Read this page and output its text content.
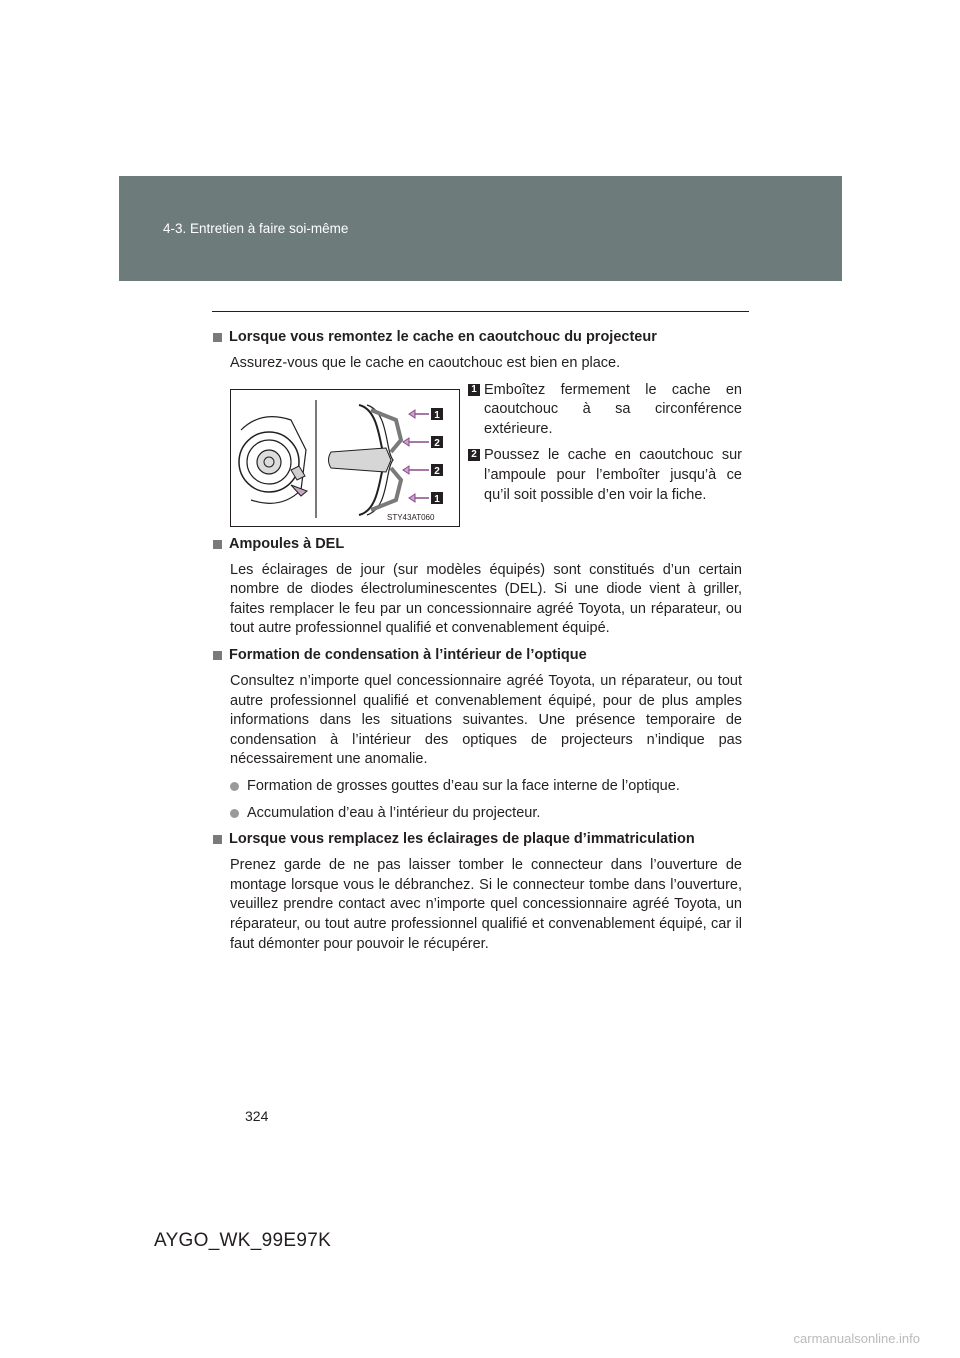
4-3. Entretien à faire soi-même
Lorsque vous remontez le cache en caoutchouc du projecteur
Assurez-vous que le cache en caoutchouc est bien en place.
1
2
2
1
STY43AT060
1 Emboîtez fermement le cache en caoutchouc à sa circonférence extérieure.
2 Poussez le cache en caoutchouc sur l’ampoule pour l’emboîter jusqu’à ce qu’il soit possible d’en voir la fiche.
Ampoules à DEL
Les éclairages de jour (sur modèles équipés) sont constitués d’un certain nombre de diodes électroluminescentes (DEL). Si une diode vient à griller, faites remplacer le feu par un concessionnaire agréé Toyota, un réparateur, ou tout autre professionnel qualifié et convenablement équipé.
Formation de condensation à l’intérieur de l’optique
Consultez n’importe quel concessionnaire agréé Toyota, un réparateur, ou tout autre professionnel qualifié et convenablement équipé, pour de plus amples informations dans les situations suivantes. Une présence temporaire de condensation à l’intérieur des optiques de projecteurs n’indique pas nécessairement une anomalie.
Formation de grosses gouttes d’eau sur la face interne de l’optique.
Accumulation d’eau à l’intérieur du projecteur.
Lorsque vous remplacez les éclairages de plaque d’immatriculation
Prenez garde de ne pas laisser tomber le connecteur dans l’ouverture de montage lorsque vous le débranchez. Si le connecteur tombe dans l’ouverture, veuillez prendre contact avec n’importe quel concessionnaire agréé Toyota, un réparateur, ou tout autre professionnel qualifié et convenablement équipé, car il faut démonter pour pouvoir le récupérer.
324
AYGO_WK_99E97K
carmanualsonline.info
